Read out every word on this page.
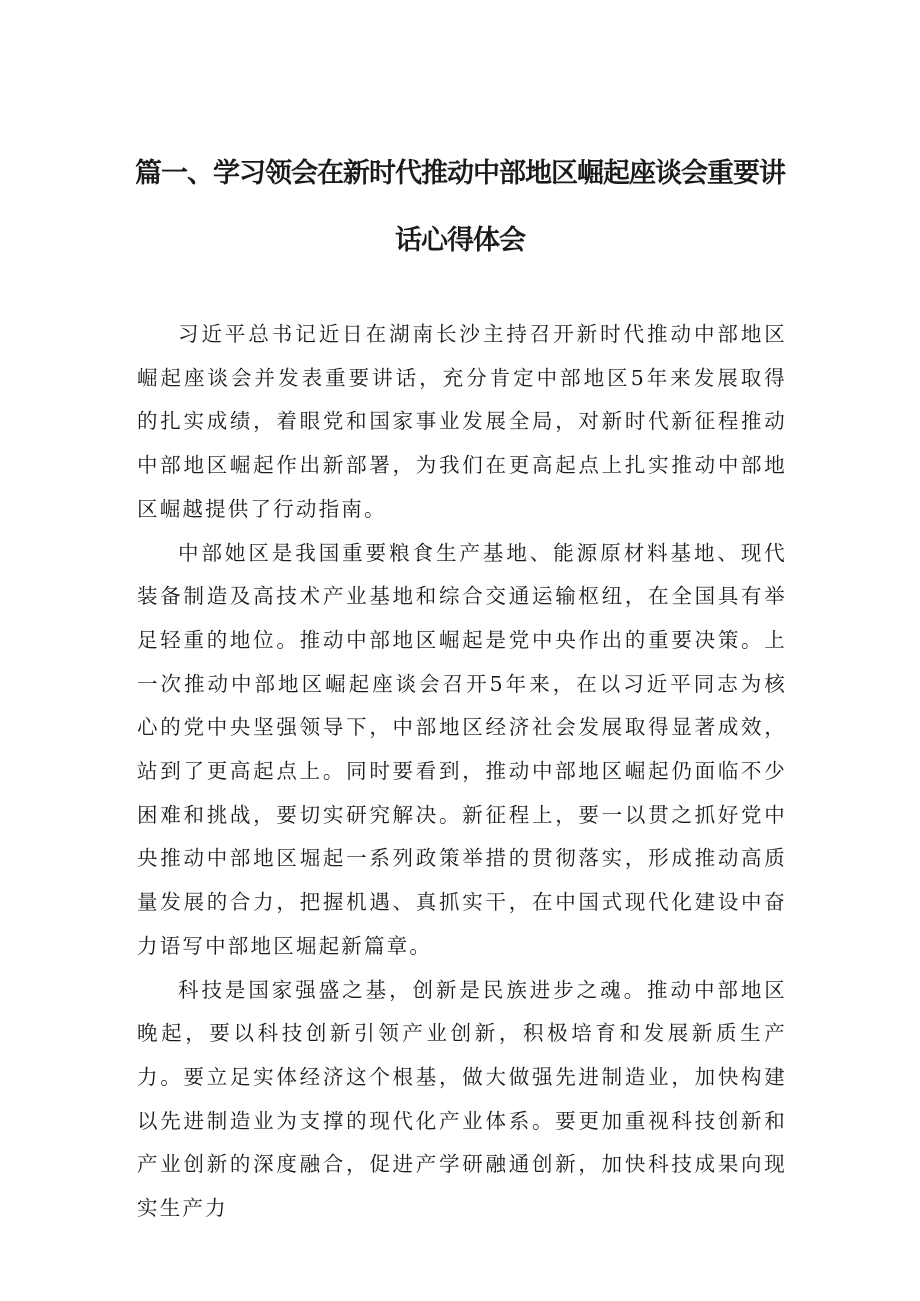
篇一、学习领会在新时代推动中部地区崛起座谈会重要讲
话心得体会

习近平总书记近日在湖南长沙主持召开新时代推动中部地区崛起座谈会并发表重要讲话，充分肯定中部地区5年来发展取得的扎实成绩，着眼党和国家事业发展全局，对新时代新征程推动中部地区崛起作出新部署，为我们在更高起点上扎实推动中部地区崛越提供了行动指南。

中部她区是我国重要粮食生产基地、能源原材料基地、现代装备制造及高技术产业基地和综合交通运输枢纽，在全国具有举足轻重的地位。推动中部地区崛起是党中央作出的重要决策。上一次推动中部地区崛起座谈会召开5年来，在以习近平同志为核心的党中央坚强领导下，中部地区经济社会发展取得显著成效，站到了更高起点上。同时要看到，推动中部地区崛起仍面临不少困难和挑战，要切实研究解决。新征程上，要一以贯之抓好党中央推动中部地区堀起一系列政策举措的贯彻落实，形成推动高质量发展的合力，把握机遇、真抓实干，在中国式现代化建设中奋力语写中部地区堀起新篇章。

科技是国家强盛之基，创新是民族进步之魂。推动中部地区晚起，要以科技创新引领产业创新，积极培育和发展新质生产力。要立足实体经济这个根基，做大做强先进制造业，加快构建以先进制造业为支撑的现代化产业体系。要更加重视科技创新和产业创新的深度融合，促进产学研融通创新，加快科技成果向现实生产力
